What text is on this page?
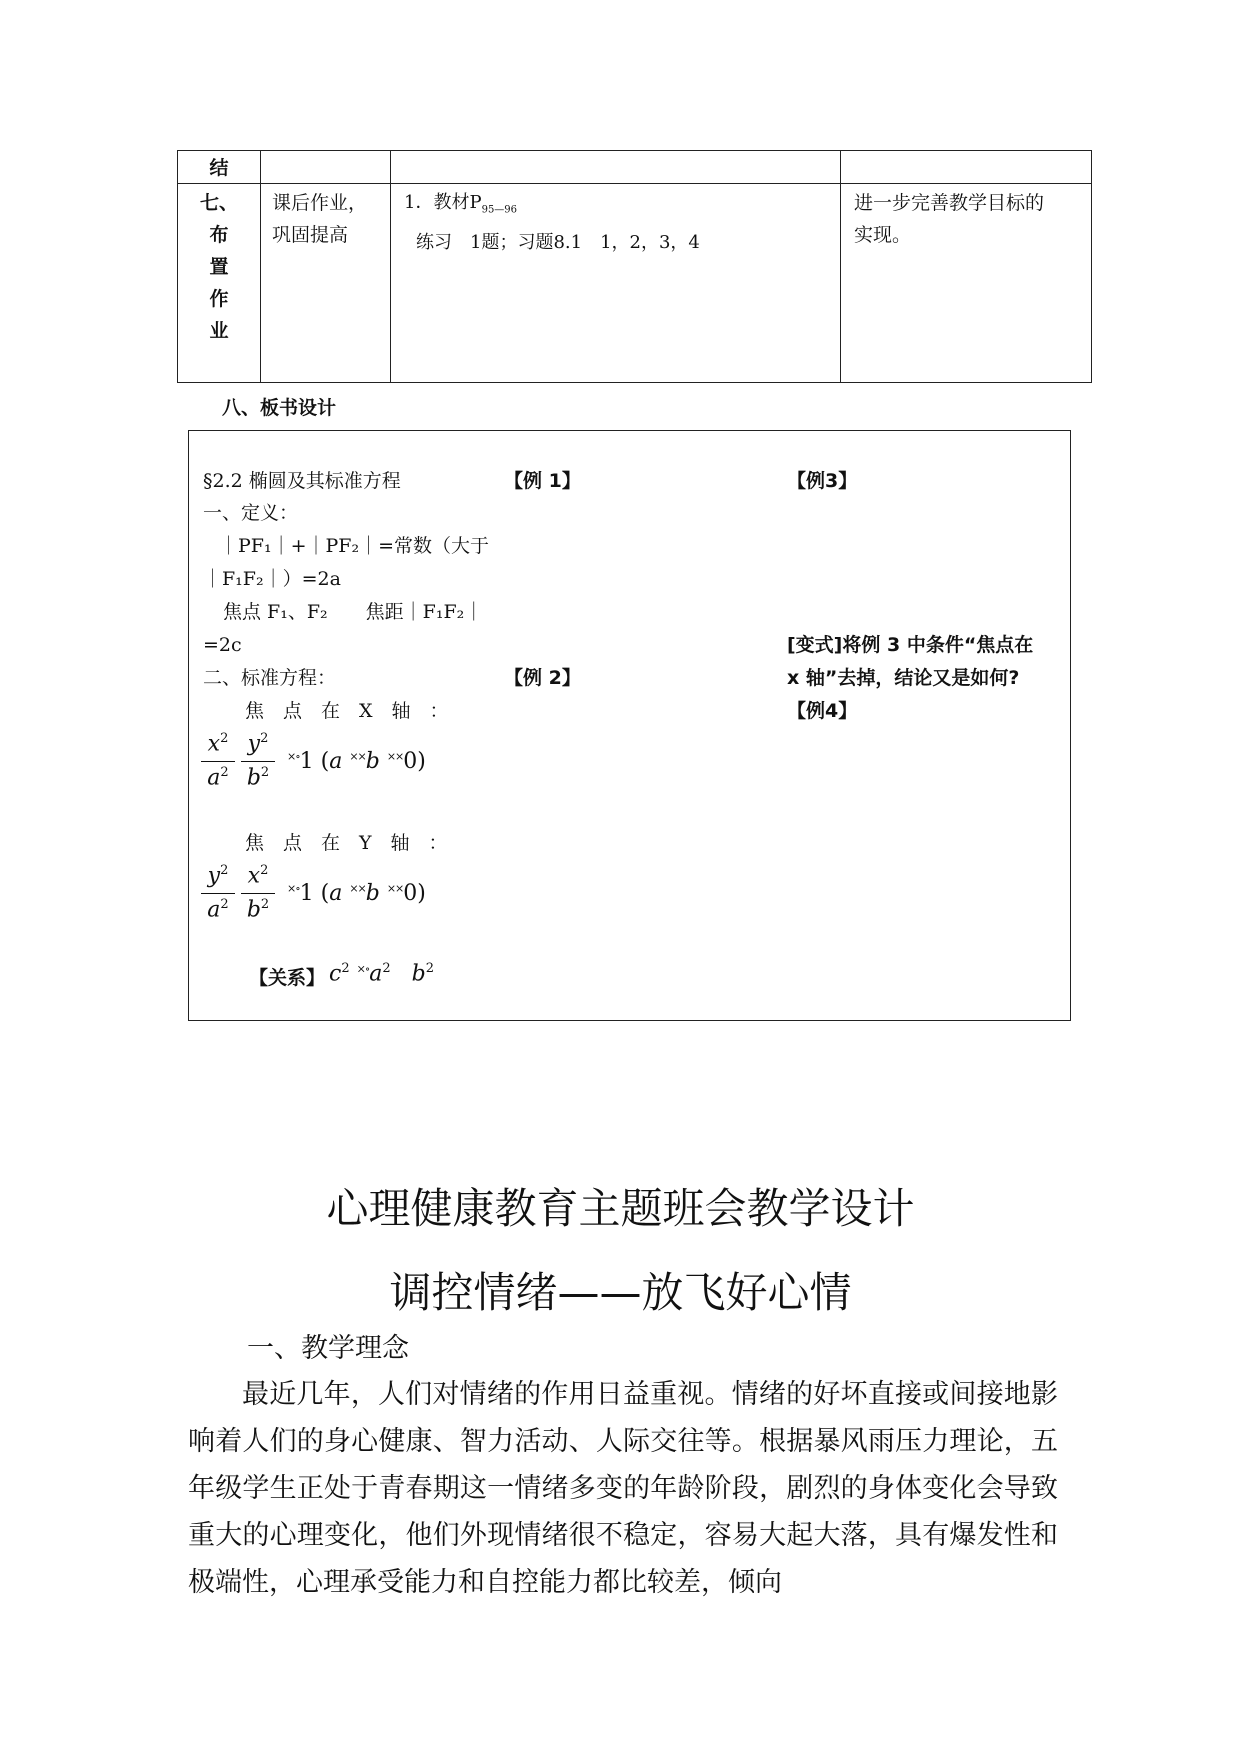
结
七、
布
置
作
业
课后作业，
巩固提高
1．教材$P_{95—96}$
练习　1题；习题8.1　1，2，3，4
进一步完善教学目标的
实现。
八、板书设计
§2.2 椭圆及其标准方程
一、定义：
｜PF₁｜+｜PF₂｜=常数（大于
｜F₁F₂｜）=2a
焦点 F₁、F₂　　焦距｜F₁F₂｜
=2c
二、标准方程：
焦　点　在　X　轴　：
$x^2$
$a^2$
$y^2$
$b^2$
×∘1 (a ××b ××0)
焦　点　在　Y　轴　：
$y^2$
$a^2$
$x^2$
$b^2$
×∘1 (a ××b ××0)
【关系】 $c^2$ $^{\times\circ}a^2$ $b^2$
【例 1】
【例 2】
【例3】
[变式]将例 3 中条件“焦点在
x 轴”去掉，结论又是如何?
【例4】
心理健康教育主题班会教学设计
调控情绪——放飞好心情
一、教学理念

最近几年，人们对情绪的作用日益重视。情绪的好坏直接或间接地影响着人们的身心健康、智力活动、人际交往等。根据暴风雨压力理论，五年级学生正处于青春期这一情绪多变的年龄阶段，剧烈的身体变化会导致重大的心理变化，他们外现情绪很不稳定，容易大起大落，具有爆发性和极端性，心理承受能力和自控能力都比较差，倾向
